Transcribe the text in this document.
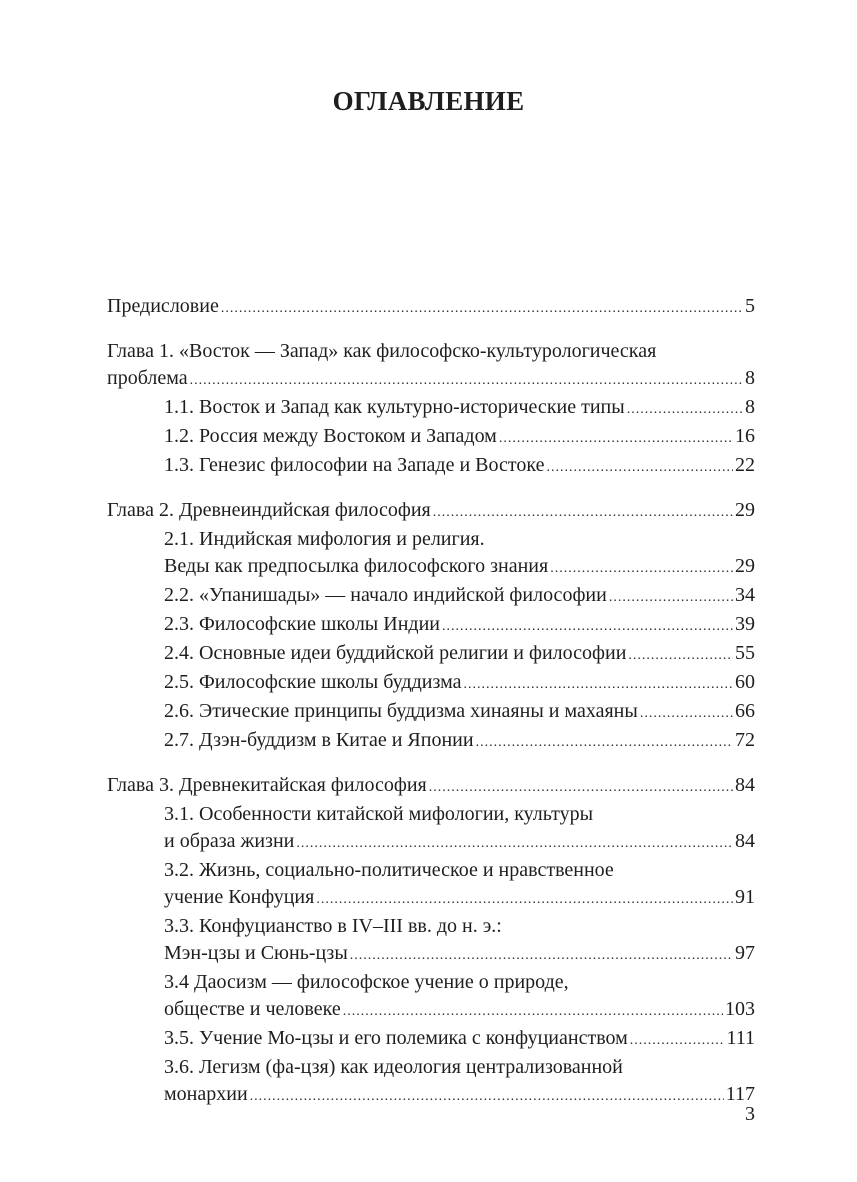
ОГЛАВЛЕНИЕ
Предисловие .....	5
Глава 1. «Восток — Запад» как философско-культурологическая
проблема .....	8
1.1. Восток и Запад как культурно-исторические типы .....	8
1.2. Россия между Востоком и Западом .....	16
1.3. Генезис философии на Западе и Востоке .....	22
Глава 2. Древнеиндийская философия .....	29
2.1. Индийская мифология и религия.
Веды как предпосылка философского знания .....	29
2.2. «Упанишады» — начало индийской философии .....	34
2.3. Философские школы Индии .....	39
2.4. Основные идеи буддийской религии и философии .....	55
2.5. Философские школы буддизма .....	60
2.6. Этические принципы буддизма хинаяны и махаяны .....	66
2.7. Дзэн-буддизм в Китае и Японии .....	72
Глава 3. Древнекитайская философия .....	84
3.1. Особенности китайской мифологии, культуры
и образа жизни .....	84
3.2. Жизнь, социально-политическое и нравственное
учение Конфуция .....	91
3.3. Конфуцианство в IV–III вв. до н. э.:
Мэн-цзы и Сюнь-цзы .....	97
3.4 Даосизм — философское учение о природе,
обществе и человеке .....	103
3.5. Учение Мо-цзы и его полемика с конфуцианством .....	111
3.6. Легизм (фа-цзя) как идеология централизованной
монархии .....	117
3
